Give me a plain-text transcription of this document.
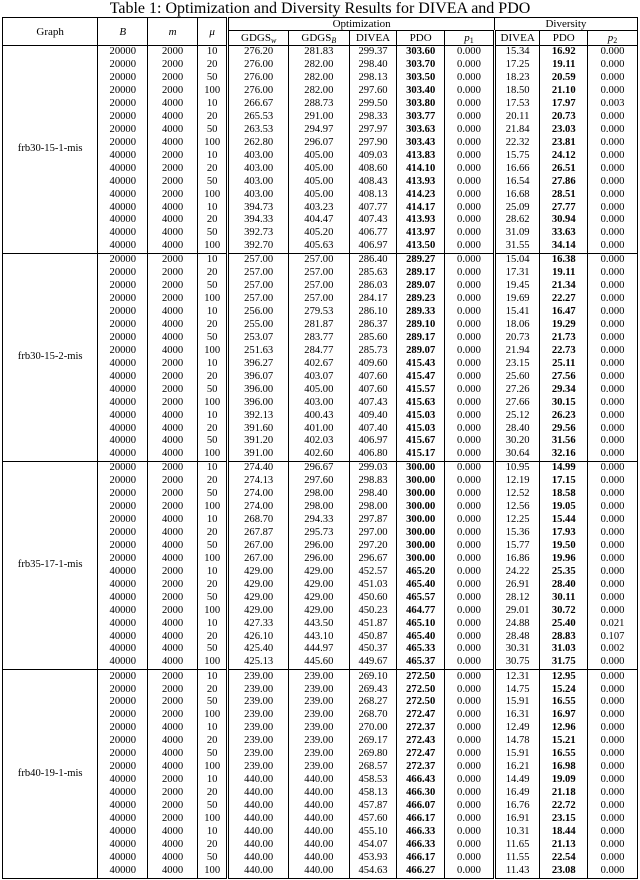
Table 1: Optimization and Diversity Results for DIVEA and PDO
Graph	B	m	μ	Optimization					Diversity		
				$GDGS_w$	$GDGS_B$	DIVEA	PDO	$p_1$	DIVEA	PDO	$p_2$
frb30-15-1-mis	20000	2000	10	276.20	281.83	299.37	303.60	0.000	15.34	16.92	0.000
	20000	2000	20	276.00	282.00	298.40	303.70	0.000	17.25	19.11	0.000
	20000	2000	50	276.00	282.00	298.13	303.50	0.000	18.23	20.59	0.000
	20000	2000	100	276.00	282.00	297.60	303.40	0.000	18.50	21.10	0.000
	20000	4000	10	266.67	288.73	299.50	303.80	0.000	17.53	17.97	0.003
	20000	4000	20	265.53	291.00	298.33	303.77	0.000	20.11	20.73	0.000
	20000	4000	50	263.53	294.97	297.97	303.63	0.000	21.84	23.03	0.000
	20000	4000	100	262.80	296.07	297.90	303.43	0.000	22.32	23.81	0.000
	40000	2000	10	403.00	405.00	409.03	413.83	0.000	15.75	24.12	0.000
	40000	2000	20	403.00	405.00	408.60	414.10	0.000	16.66	26.51	0.000
	40000	2000	50	403.00	405.00	408.43	413.93	0.000	16.54	27.86	0.000
	40000	2000	100	403.00	405.00	408.13	414.23	0.000	16.68	28.51	0.000
	40000	4000	10	394.73	403.23	407.77	414.17	0.000	25.09	27.77	0.000
	40000	4000	20	394.33	404.47	407.43	413.93	0.000	28.62	30.94	0.000
	40000	4000	50	392.73	405.20	406.77	413.97	0.000	31.09	33.63	0.000
	40000	4000	100	392.70	405.63	406.97	413.50	0.000	31.55	34.14	0.000
frb30-15-2-mis	20000	2000	10	257.00	257.00	286.40	289.27	0.000	15.04	16.38	0.000
	20000	2000	20	257.00	257.00	285.63	289.17	0.000	17.31	19.11	0.000
	20000	2000	50	257.00	257.00	286.03	289.07	0.000	19.45	21.34	0.000
	20000	2000	100	257.00	257.00	284.17	289.23	0.000	19.69	22.27	0.000
	20000	4000	10	256.00	279.53	286.10	289.33	0.000	15.41	16.47	0.000
	20000	4000	20	255.00	281.87	286.37	289.10	0.000	18.06	19.29	0.000
	20000	4000	50	253.07	283.77	285.60	289.17	0.000	20.73	21.73	0.000
	20000	4000	100	251.63	284.77	285.73	289.07	0.000	21.94	22.73	0.000
	40000	2000	10	396.27	402.67	409.60	415.43	0.000	23.15	25.11	0.000
	40000	2000	20	396.07	403.07	407.60	415.47	0.000	25.60	27.56	0.000
	40000	2000	50	396.00	405.00	407.60	415.57	0.000	27.26	29.34	0.000
	40000	2000	100	396.00	403.00	407.43	415.63	0.000	27.66	30.15	0.000
	40000	4000	10	392.13	400.43	409.40	415.03	0.000	25.12	26.23	0.000
	40000	4000	20	391.60	401.00	407.40	415.03	0.000	28.40	29.56	0.000
	40000	4000	50	391.20	402.03	406.97	415.67	0.000	30.20	31.56	0.000
	40000	4000	100	391.00	402.60	406.80	415.17	0.000	30.64	32.16	0.000
frb35-17-1-mis	20000	2000	10	274.40	296.67	299.03	300.00	0.000	10.95	14.99	0.000
	20000	2000	20	274.13	297.60	298.83	300.00	0.000	12.19	17.15	0.000
	20000	2000	50	274.00	298.00	298.40	300.00	0.000	12.52	18.58	0.000
	20000	2000	100	274.00	298.00	298.00	300.00	0.000	12.56	19.05	0.000
	20000	4000	10	268.70	294.33	297.87	300.00	0.000	12.25	15.44	0.000
	20000	4000	20	267.87	295.73	297.00	300.00	0.000	15.36	17.93	0.000
	20000	4000	50	267.00	296.00	297.20	300.00	0.000	15.77	19.50	0.000
	20000	4000	100	267.00	296.00	296.67	300.00	0.000	16.86	19.96	0.000
	40000	2000	10	429.00	429.00	452.57	465.20	0.000	24.22	25.35	0.000
	40000	2000	20	429.00	429.00	451.03	465.40	0.000	26.91	28.40	0.000
	40000	2000	50	429.00	429.00	450.60	465.57	0.000	28.12	30.11	0.000
	40000	2000	100	429.00	429.00	450.23	464.77	0.000	29.01	30.72	0.000
	40000	4000	10	427.33	443.50	451.87	465.10	0.000	24.88	25.40	0.021
	40000	4000	20	426.10	443.10	450.87	465.40	0.000	28.48	28.83	0.107
	40000	4000	50	425.40	444.97	450.37	465.33	0.000	30.31	31.03	0.002
	40000	4000	100	425.13	445.60	449.67	465.37	0.000	30.75	31.75	0.000
frb40-19-1-mis	20000	2000	10	239.00	239.00	269.10	272.50	0.000	12.31	12.95	0.000
	20000	2000	20	239.00	239.00	269.43	272.50	0.000	14.75	15.24	0.000
	20000	2000	50	239.00	239.00	268.27	272.50	0.000	15.91	16.55	0.000
	20000	2000	100	239.00	239.00	268.70	272.47	0.000	16.31	16.97	0.000
	20000	4000	10	239.00	239.00	270.00	272.37	0.000	12.49	12.96	0.000
	20000	4000	20	239.00	239.00	269.17	272.43	0.000	14.78	15.21	0.000
	20000	4000	50	239.00	239.00	269.80	272.47	0.000	15.91	16.55	0.000
	20000	4000	100	239.00	239.00	268.57	272.37	0.000	16.21	16.98	0.000
	40000	2000	10	440.00	440.00	458.53	466.43	0.000	14.49	19.09	0.000
	40000	2000	20	440.00	440.00	458.13	466.30	0.000	16.49	21.18	0.000
	40000	2000	50	440.00	440.00	457.87	466.07	0.000	16.76	22.72	0.000
	40000	2000	100	440.00	440.00	457.60	466.17	0.000	16.91	23.15	0.000
	40000	4000	10	440.00	440.00	455.10	466.33	0.000	10.31	18.44	0.000
	40000	4000	20	440.00	440.00	454.07	466.33	0.000	11.65	21.13	0.000
	40000	4000	50	440.00	440.00	453.93	466.17	0.000	11.55	22.54	0.000
	40000	4000	100	440.00	440.00	454.63	466.27	0.000	11.43	23.08	0.000
